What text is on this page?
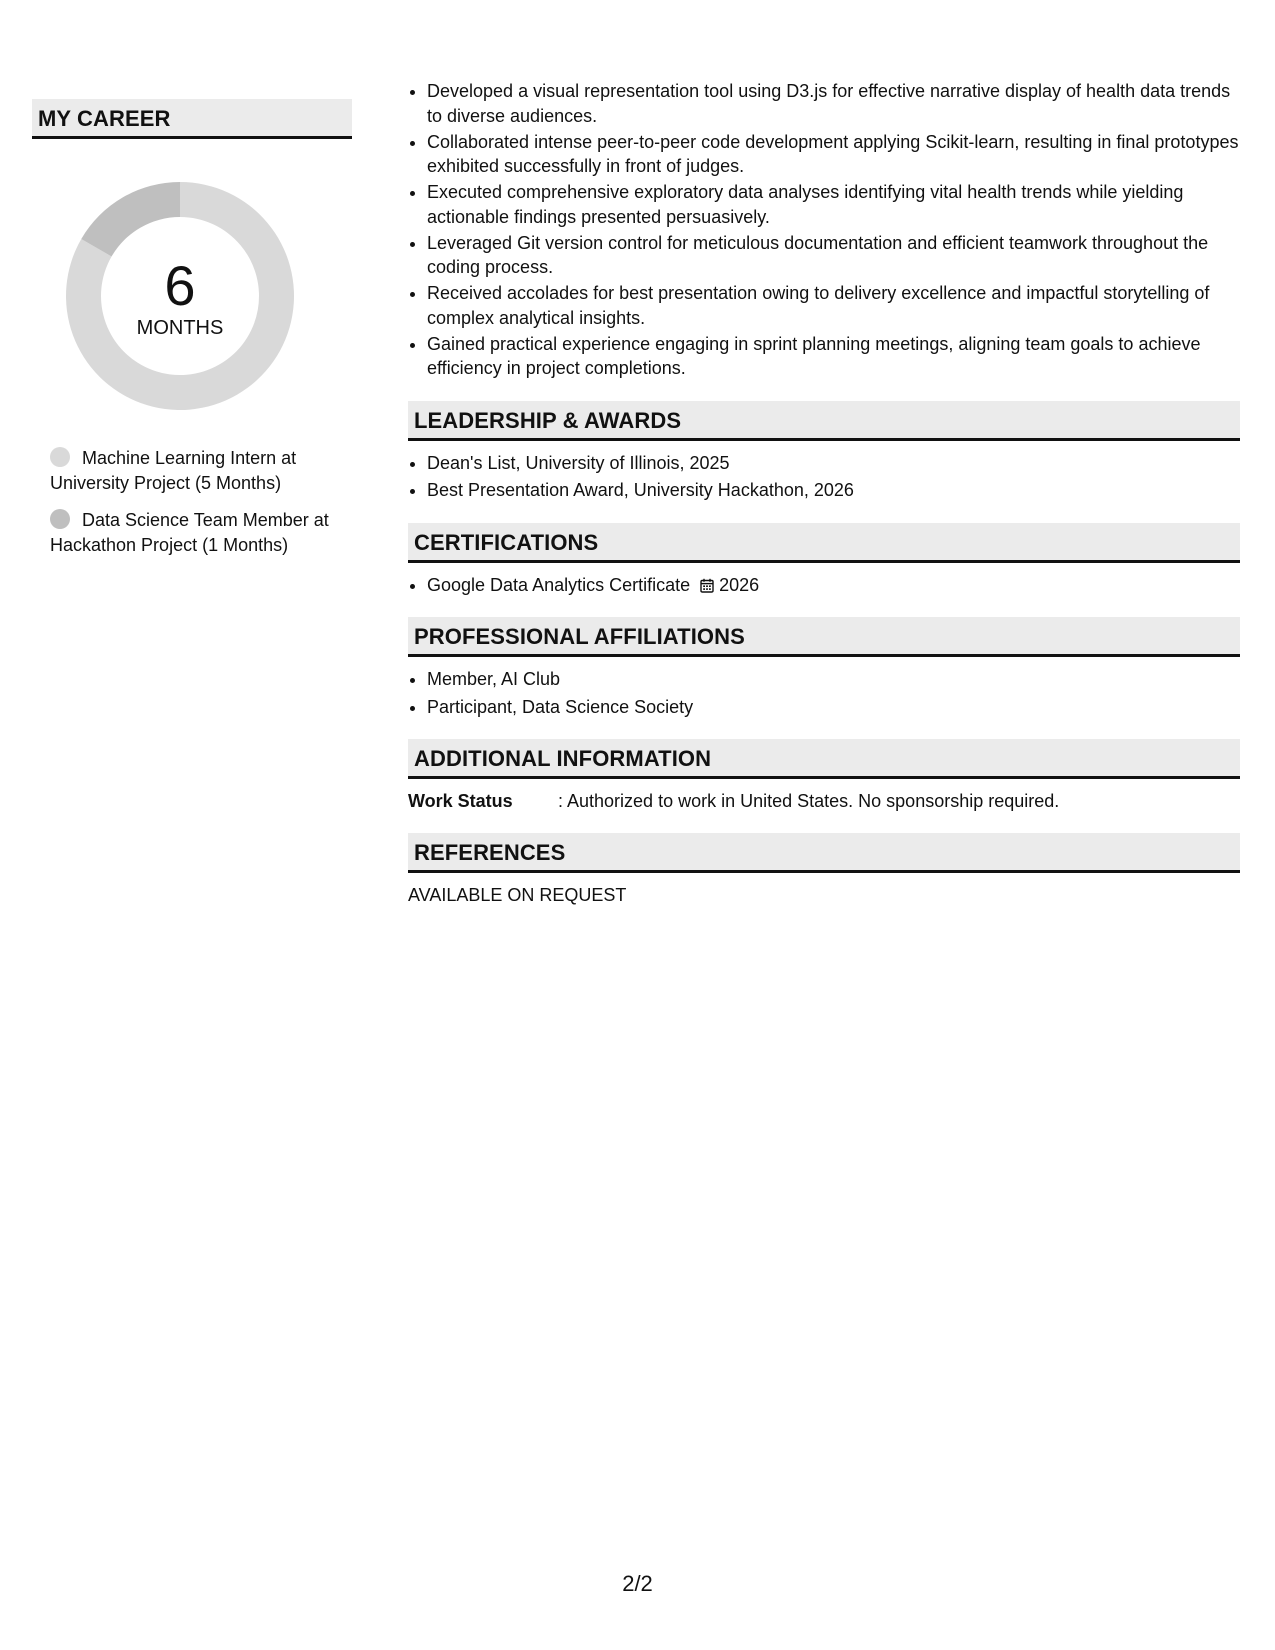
MY CAREER
6
MONTHS
Machine Learning Intern at University Project (5 Months)
Data Science Team Member at Hackathon Project (1 Months)
• Developed a visual representation tool using D3.js for effective narrative display of health data trends to diverse audiences.
• Collaborated intense peer-to-peer code development applying Scikit-learn, resulting in final prototypes exhibited successfully in front of judges.
• Executed comprehensive exploratory data analyses identifying vital health trends while yielding actionable findings presented persuasively.
• Leveraged Git version control for meticulous documentation and efficient teamwork throughout the coding process.
• Received accolades for best presentation owing to delivery excellence and impactful storytelling of complex analytical insights.
• Gained practical experience engaging in sprint planning meetings, aligning team goals to achieve efficiency in project completions.
LEADERSHIP & AWARDS
• Dean's List, University of Illinois, 2025
• Best Presentation Award, University Hackathon, 2026
CERTIFICATIONS
• Google Data Analytics Certificate 2026
PROFESSIONAL AFFILIATIONS
• Member, AI Club
• Participant, Data Science Society
ADDITIONAL INFORMATION
Work Status	: Authorized to work in United States. No sponsorship required.
REFERENCES
AVAILABLE ON REQUEST
2/2
